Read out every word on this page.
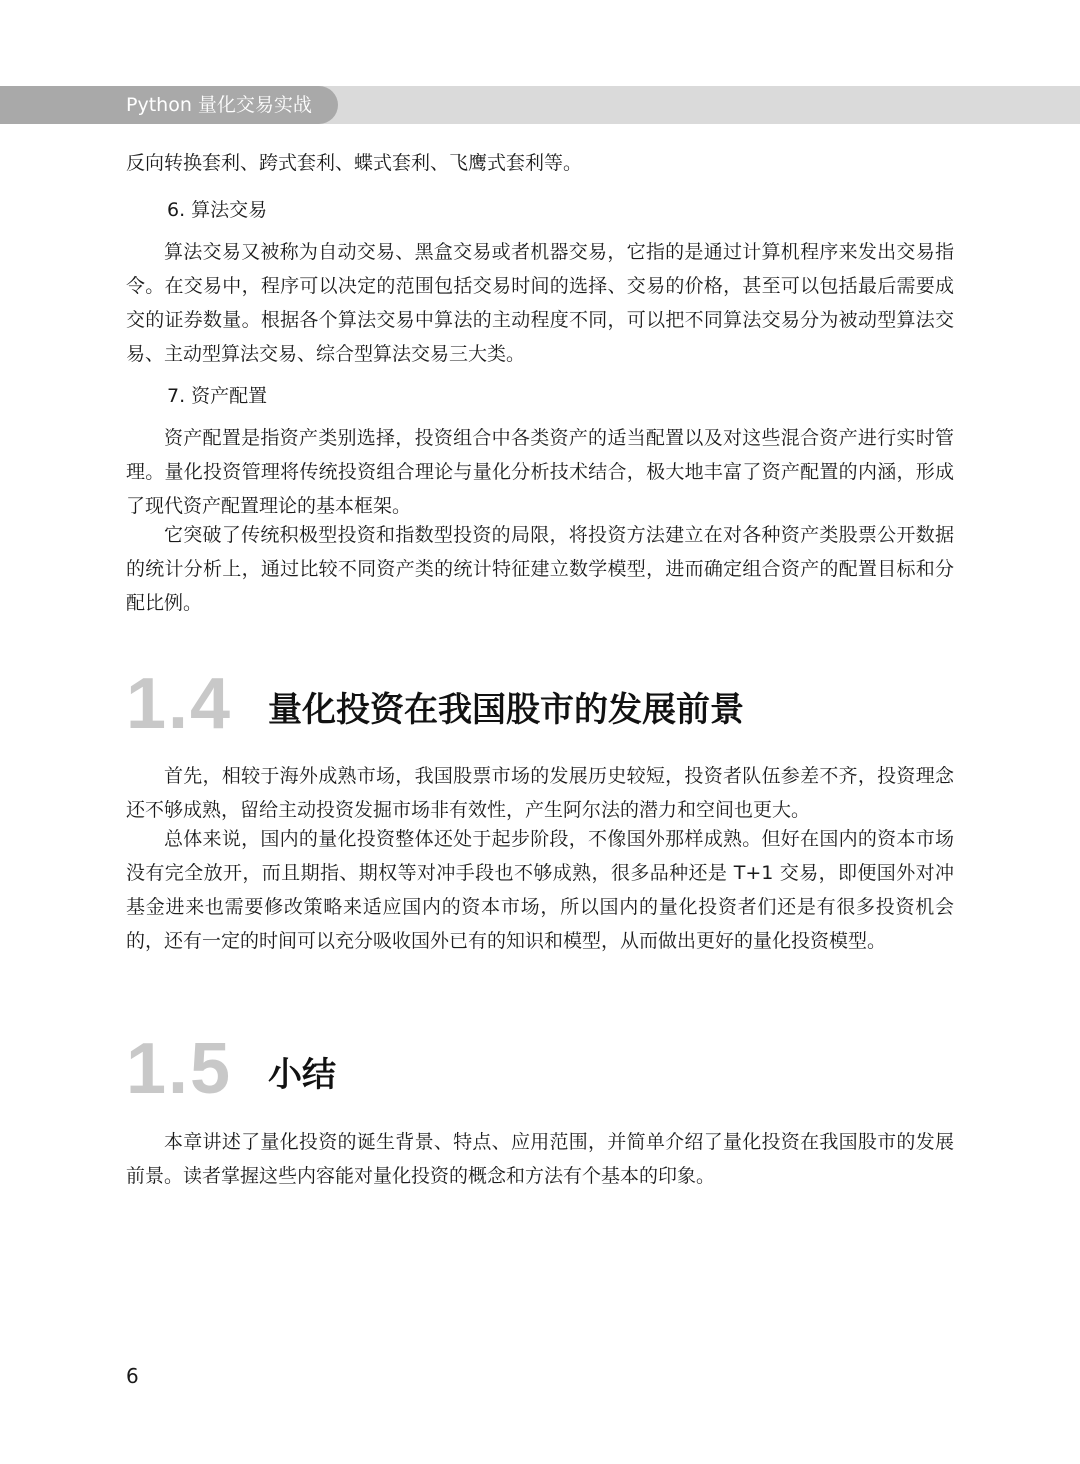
Python 量化交易实战

反向转换套利、跨式套利、蝶式套利、飞鹰式套利等。

6. 算法交易

算法交易又被称为自动交易、黑盒交易或者机器交易，它指的是通过计算机程序来发出交易指令。在交易中，程序可以决定的范围包括交易时间的选择、交易的价格，甚至可以包括最后需要成交的证券数量。根据各个算法交易中算法的主动程度不同，可以把不同算法交易分为被动型算法交易、主动型算法交易、综合型算法交易三大类。

7. 资产配置

资产配置是指资产类别选择，投资组合中各类资产的适当配置以及对这些混合资产进行实时管理。量化投资管理将传统投资组合理论与量化分析技术结合，极大地丰富了资产配置的内涵，形成了现代资产配置理论的基本框架。

它突破了传统积极型投资和指数型投资的局限，将投资方法建立在对各种资产类股票公开数据的统计分析上，通过比较不同资产类的统计特征建立数学模型，进而确定组合资产的配置目标和分配比例。

1.4 量化投资在我国股市的发展前景

首先，相较于海外成熟市场，我国股票市场的发展历史较短，投资者队伍参差不齐，投资理念还不够成熟，留给主动投资发掘市场非有效性，产生阿尔法的潜力和空间也更大。

总体来说，国内的量化投资整体还处于起步阶段，不像国外那样成熟。但好在国内的资本市场没有完全放开，而且期指、期权等对冲手段也不够成熟，很多品种还是 T+1 交易，即便国外对冲基金进来也需要修改策略来适应国内的资本市场，所以国内的量化投资者们还是有很多投资机会的，还有一定的时间可以充分吸收国外已有的知识和模型，从而做出更好的量化投资模型。

1.5 小结

本章讲述了量化投资的诞生背景、特点、应用范围，并简单介绍了量化投资在我国股市的发展前景。读者掌握这些内容能对量化投资的概念和方法有个基本的印象。

6
